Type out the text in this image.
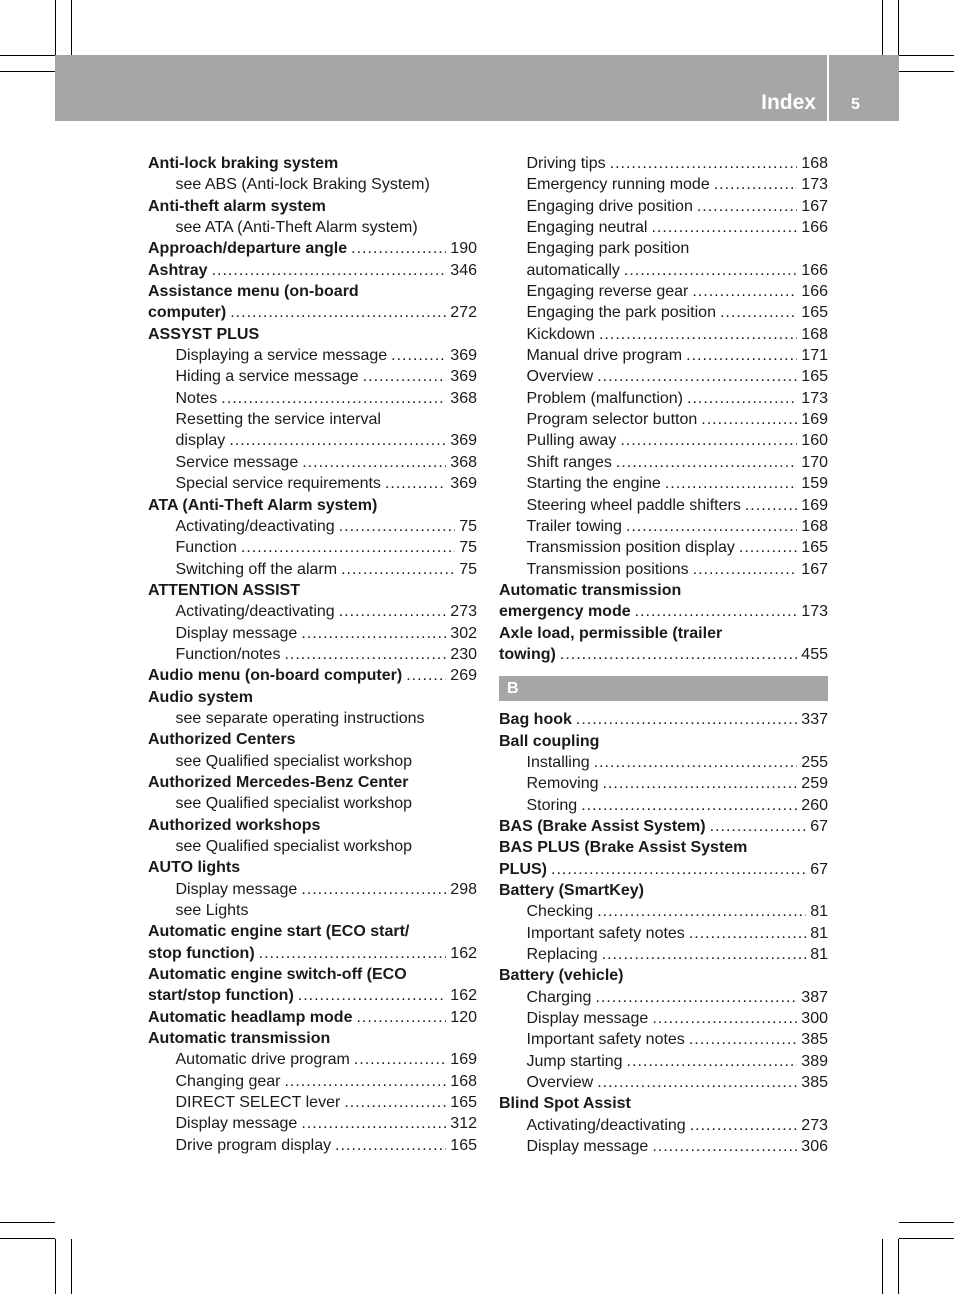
Index 5
Anti-lock braking system
see ABS (Anti-lock Braking System)
Anti-theft alarm system
see ATA (Anti-Theft Alarm system)
Approach/departure angle .....	190
Ashtray .....	346
Assistance menu (on-board
computer) .....	272
ASSYST PLUS
Displaying a service message .....	369
Hiding a service message .....	369
Notes .....	368
Resetting the service interval
display .....	369
Service message .....	368
Special service requirements .....	369
ATA (Anti-Theft Alarm system)
Activating/deactivating .....	75
Function .....	75
Switching off the alarm .....	75
ATTENTION ASSIST
Activating/deactivating .....	273
Display message .....	302
Function/notes .....	230
Audio menu (on-board computer) .....	269
Audio system
see separate operating instructions
Authorized Centers
see Qualified specialist workshop
Authorized Mercedes-Benz Center
see Qualified specialist workshop
Authorized workshops
see Qualified specialist workshop
AUTO lights
Display message .....	298
see Lights
Automatic engine start (ECO start/
stop function) .....	162
Automatic engine switch-off (ECO
start/stop function) .....	162
Automatic headlamp mode .....	120
Automatic transmission
Automatic drive program .....	169
Changing gear .....	168
DIRECT SELECT lever .....	165
Display message .....	312
Drive program display .....	165
Driving tips .....	168
Emergency running mode .....	173
Engaging drive position .....	167
Engaging neutral .....	166
Engaging park position
automatically .....	166
Engaging reverse gear .....	166
Engaging the park position .....	165
Kickdown .....	168
Manual drive program .....	171
Overview .....	165
Problem (malfunction) .....	173
Program selector button .....	169
Pulling away .....	160
Shift ranges .....	170
Starting the engine .....	159
Steering wheel paddle shifters .....	169
Trailer towing .....	168
Transmission position display .....	165
Transmission positions .....	167
Automatic transmission
emergency mode .....	173
Axle load, permissible (trailer
towing) .....	455
B
Bag hook .....	337
Ball coupling
Installing .....	255
Removing .....	259
Storing .....	260
BAS (Brake Assist System) .....	67
BAS PLUS (Brake Assist System
PLUS) .....	67
Battery (SmartKey)
Checking .....	81
Important safety notes .....	81
Replacing .....	81
Battery (vehicle)
Charging .....	387
Display message .....	300
Important safety notes .....	385
Jump starting .....	389
Overview .....	385
Blind Spot Assist
Activating/deactivating .....	273
Display message .....	306
